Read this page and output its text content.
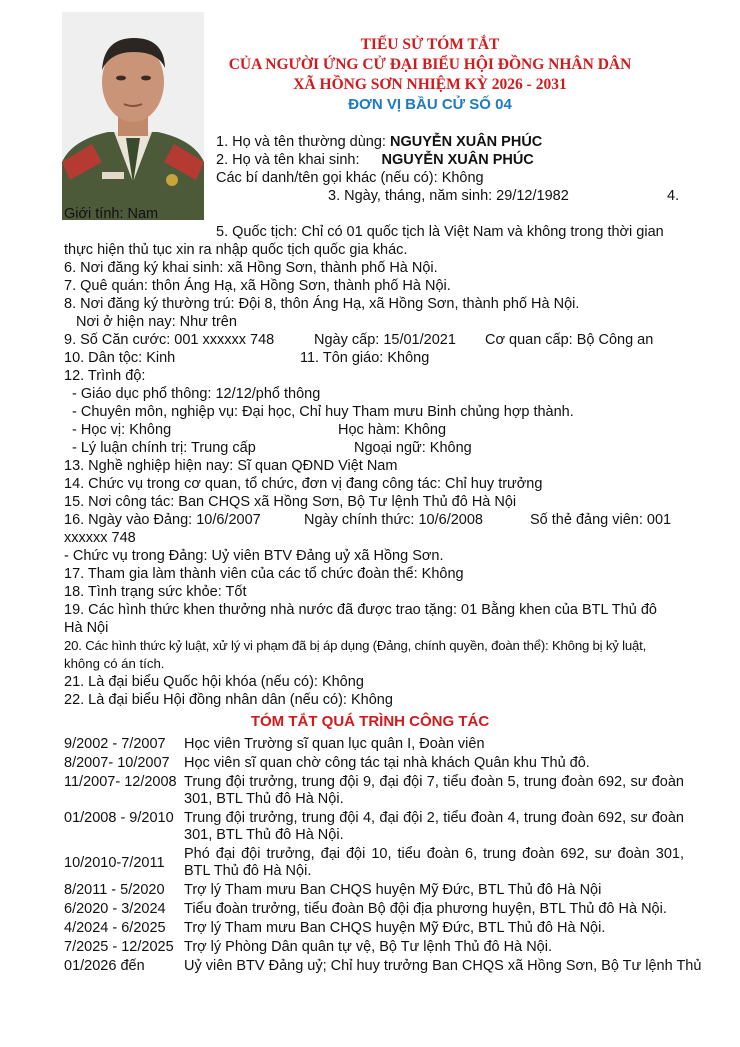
TIỂU SỬ TÓM TẮT
CỦA NGƯỜI ỨNG CỬ ĐẠI BIỂU HỘI ĐỒNG NHÂN DÂN
XÃ HỒNG SƠN NHIỆM KỲ 2026 - 2031
ĐƠN VỊ BẦU CỬ SỐ 04
1. Họ và tên thường dùng: NGUYỄN XUÂN PHÚC
2. Họ và tên khai sinh: NGUYỄN XUÂN PHÚC
Các bí danh/tên gọi khác (nếu có): Không
3. Ngày, tháng, năm sinh: 29/12/1982	4.
Giới tính: Nam
5. Quốc tịch: Chỉ có 01 quốc tịch là Việt Nam và không trong thời gian
thực hiện thủ tục xin ra nhập quốc tịch quốc gia khác.
6. Nơi đăng ký khai sinh: xã Hồng Sơn, thành phố Hà Nội.
7. Quê quán: thôn Áng Hạ, xã Hồng Sơn, thành phố Hà Nội.
8. Nơi đăng ký thường trú: Đội 8, thôn Áng Hạ, xã Hồng Sơn, thành phố Hà Nội.
Nơi ở hiện nay: Như trên
9. Số Căn cước: 001 xxxxxx 748	Ngày cấp: 15/01/2021 Cơ quan cấp: Bộ Công an
10. Dân tộc: Kinh	11. Tôn giáo: Không
12. Trình độ:
- Giáo dục phổ thông: 12/12/phổ thông
- Chuyên môn, nghiệp vụ: Đại học, Chỉ huy Tham mưu Binh chủng hợp thành.
- Học vị: Không	Học hàm: Không
- Lý luận chính trị: Trung cấp	Ngoại ngữ: Không
13. Nghề nghiệp hiện nay: Sĩ quan QĐND Việt Nam
14. Chức vụ trong cơ quan, tổ chức, đơn vị đang công tác: Chỉ huy trưởng
15. Nơi công tác: Ban CHQS xã Hồng Sơn, Bộ Tư lệnh Thủ đô Hà Nội
16. Ngày vào Đảng: 10/6/2007	Ngày chính thức: 10/6/2008	Số thẻ đảng viên: 001
xxxxxx 748
- Chức vụ trong Đảng: Uỷ viên BTV Đảng uỷ xã Hồng Sơn.
17. Tham gia làm thành viên của các tổ chức đoàn thể: Không
18. Tình trạng sức khỏe: Tốt
19. Các hình thức khen thưởng nhà nước đã được trao tặng: 01 Bằng khen của BTL Thủ đô
Hà Nội
20. Các hình thức kỷ luật, xử lý vi phạm đã bị áp dụng (Đảng, chính quyền, đoàn thể): Không bị kỷ luật,
không có án tích.
21. Là đại biểu Quốc hội khóa (nếu có): Không
22. Là đại biểu Hội đồng nhân dân (nếu có): Không
TÓM TẮT QUÁ TRÌNH CÔNG TÁC
9/2002 - 7/2007	Học viên Trường sĩ quan lục quân I, Đoàn viên
8/2007- 10/2007 Học viên sĩ quan chờ công tác tại nhà khách Quân khu Thủ đô.
11/2007- 12/2008 Trung đội trưởng, trung đội 9, đại đội 7, tiểu đoàn 5, trung đoàn 692, sư đoàn 301, BTL Thủ đô Hà Nội.
01/2008 - 9/2010 Trung đội trưởng, trung đội 4, đại đội 2, tiểu đoàn 4, trung đoàn 692, sư đoàn 301, BTL Thủ đô Hà Nội.
10/2010-7/2011
Phó đại đội trưởng, đại đội 10, tiểu đoàn 6, trung đoàn 692, sư đoàn 301, BTL Thủ đô Hà Nội.
8/2011 - 5/2020	Trợ lý Tham mưu Ban CHQS huyện Mỹ Đức, BTL Thủ đô Hà Nội
6/2020 - 3/2024	Tiểu đoàn trưởng, tiểu đoàn Bộ đội địa phương huyện, BTL Thủ đô Hà Nội.
4/2024 - 6/2025	Trợ lý Tham mưu Ban CHQS huyện Mỹ Đức, BTL Thủ đô Hà Nội.
7/2025 - 12/2025 Trợ lý Phòng Dân quân tự vệ, Bộ Tư lệnh Thủ đô Hà Nội.
01/2026 đến	Uỷ viên BTV Đảng uỷ; Chỉ huy trưởng Ban CHQS xã Hồng Sơn, Bộ Tư lệnh Thủ
